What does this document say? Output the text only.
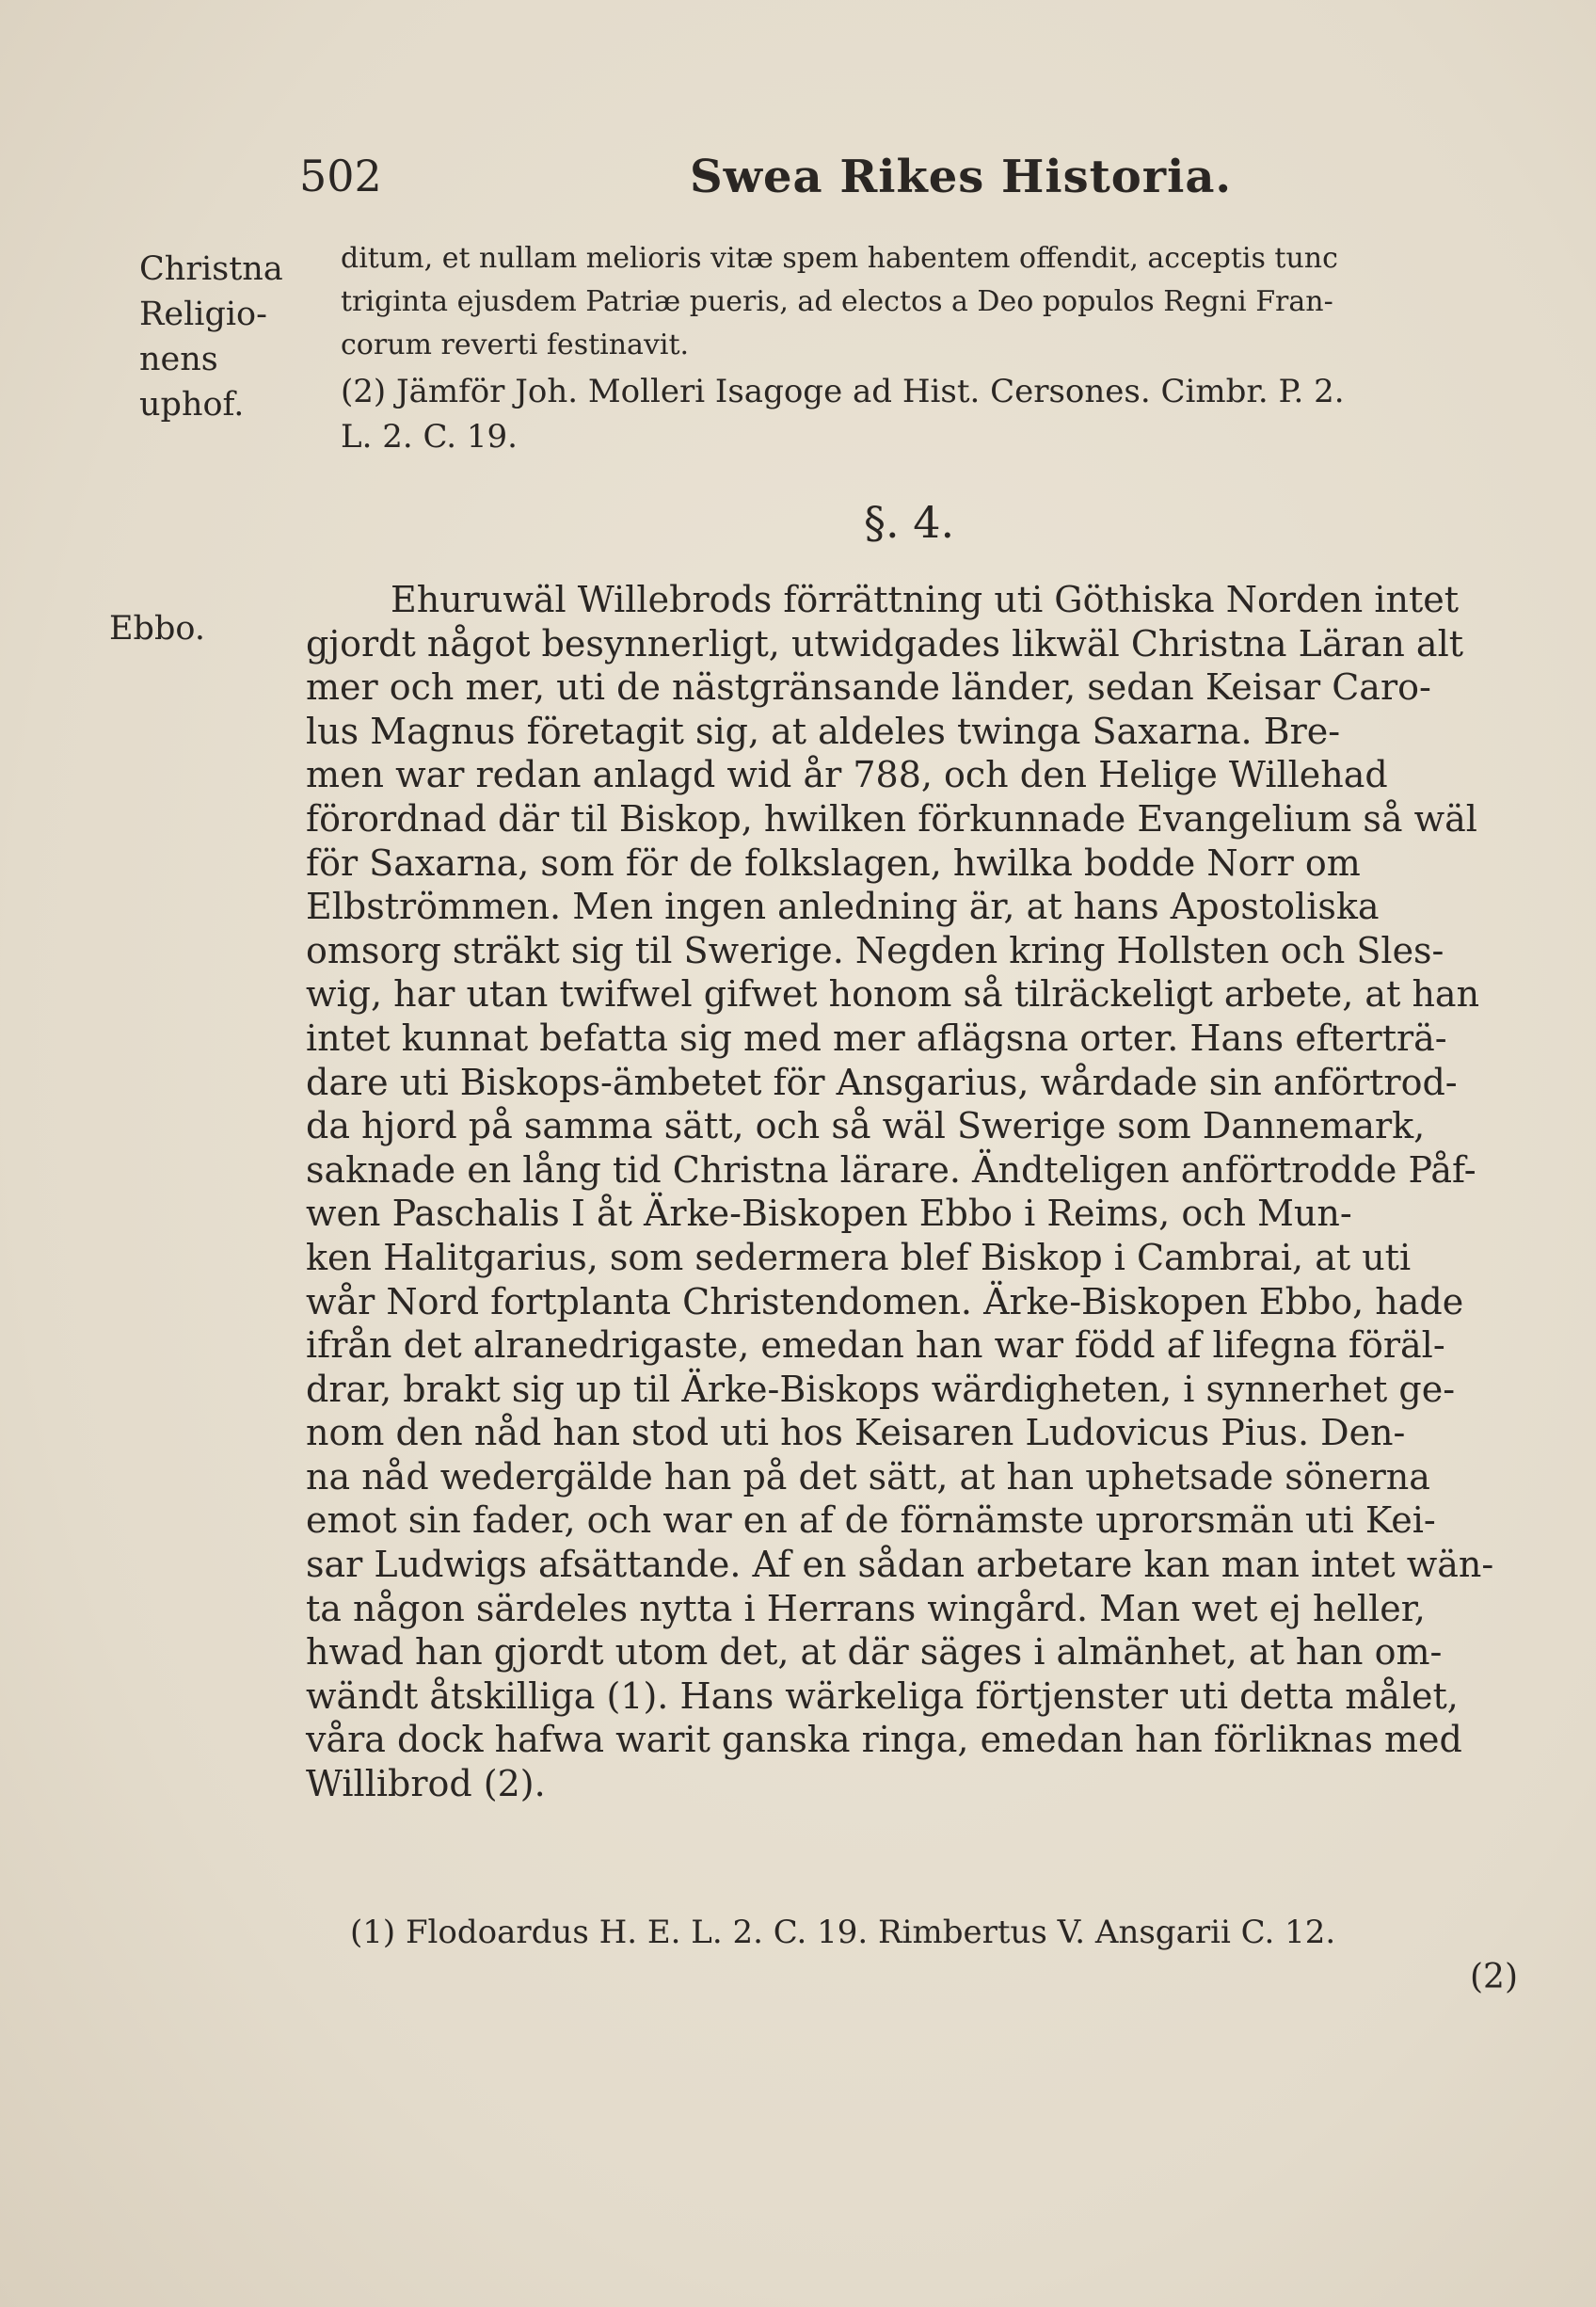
502	Swea Rikes Historia.
Christna
Religio-
nens
uphof.
ditum, et nullam melioris vitæ spem habentem offendit, acceptis tunc
triginta ejusdem Patriæ pueris, ad electos a Deo populos Regni Fran-
corum reverti festinavit.
(2) Jämför Joh. Molleri Isagoge ad Hist. Cersones. Cimbr. P. 2.
L. 2. C. 19.
§. 4.
Ebbo.
Ehuruwäl Willebrods förrättning uti Göthiska Norden intet
gjordt något besynnerligt, utwidgades likwäl Christna Läran alt
mer och mer, uti de nästgränsande länder, sedan Keisar Caro-
lus Magnus företagit sig, at aldeles twinga Saxarna. Bre-
men war redan anlagd wid år 788, och den Helige Willehad
förordnad där til Biskop, hwilken förkunnade Evangelium så wäl
för Saxarna, som för de folkslagen, hwilka bodde Norr om
Elbströmmen. Men ingen anledning är, at hans Apostoliska
omsorg sträkt sig til Swerige. Negden kring Hollsten och Sles-
wig, har utan twifwel gifwet honom så tilräckeligt arbete, at han
intet kunnat befatta sig med mer aflägsna orter. Hans efterträ-
dare uti Biskops-ämbetet för Ansgarius, wårdade sin anförtrod-
da hjord på samma sätt, och så wäl Swerige som Dannemark,
saknade en lång tid Christna lärare. Ändteligen anförtrodde Påf-
wen Paschalis I åt Ärke-Biskopen Ebbo i Reims, och Mun-
ken Halitgarius, som sedermera blef Biskop i Cambrai, at uti
wår Nord fortplanta Christendomen. Ärke-Biskopen Ebbo, hade
ifrån det alranedrigaste, emedan han war född af lifegna föräl-
drar, brakt sig up til Ärke-Biskops wärdigheten, i synnerhet ge-
nom den nåd han stod uti hos Keisaren Ludovicus Pius. Den-
na nåd wedergälde han på det sätt, at han uphetsade sönerna
emot sin fader, och war en af de förnämste uprorsmän uti Kei-
sar Ludwigs afsättande. Af en sådan arbetare kan man intet wän-
ta någon särdeles nytta i Herrans wingård. Man wet ej heller,
hwad han gjordt utom det, at där säges i almänhet, at han om-
wändt åtskilliga (1). Hans wärkeliga förtjenster uti detta målet,
våra dock hafwa warit ganska ringa, emedan han förliknas med
Willibrod (2).
(1) Flodoardus H. E. L. 2. C. 19. Rimbertus V. Ansgarii C. 12.
(2)
